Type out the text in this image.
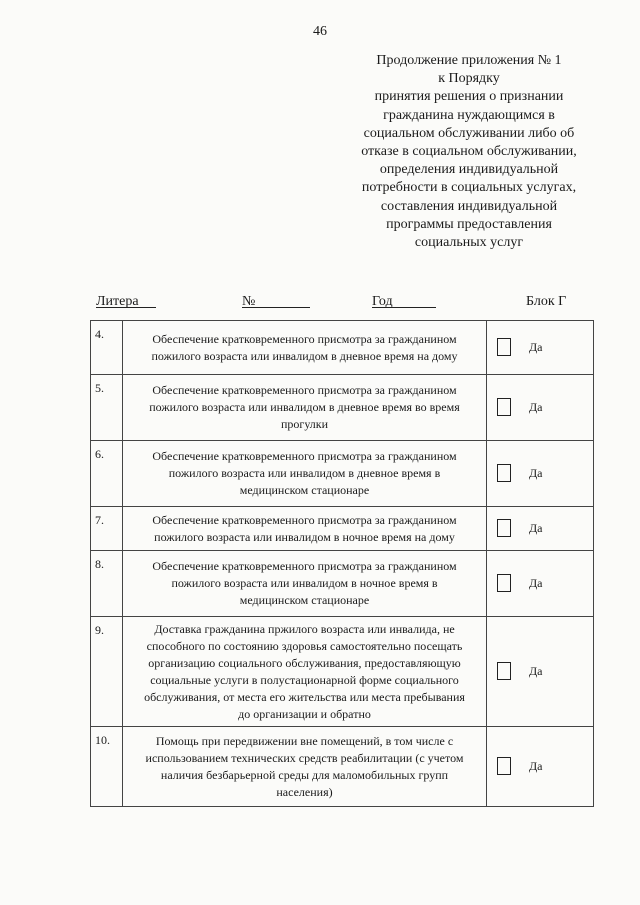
46
Продолжение приложения № 1
к Порядку
принятия решения о признании
гражданина нуждающимся в
социальном обслуживании либо об
отказе в социальном обслуживании,
определения индивидуальной
потребности в социальных услугах,
составления индивидуальной
программы предоставления
социальных услуг
Литера	№	Год	Блок Г
4.	Обеспечение кратковременного присмотра за гражданином
пожилого возраста или инвалидом в дневное время на дому
Да
5.	Обеспечение кратковременного присмотра за гражданином
пожилого возраста или инвалидом в дневное время во время
прогулки
Да
6.	Обеспечение кратковременного присмотра за гражданином
пожилого возраста или инвалидом в дневное время в
медицинском стационаре
Да
7.	Обеспечение кратковременного присмотра за гражданином
пожилого возраста или инвалидом в ночное время на дому
Да
8.	Обеспечение кратковременного присмотра за гражданином
пожилого возраста или инвалидом в ночное время в
медицинском стационаре
Да
9.	Доставка гражданина пржилого возраста или инвалида, не
способного по состоянию здоровья самостоятельно посещать
организацию социального обслуживания, предоставляющую
социальные услуги в полустационарной форме социального
обслуживания, от места его жительства или места пребывания
до организации и обратно
Да
10.	Помощь при передвижении вне помещений, в том числе с
использованием технических средств реабилитации (с учетом
наличия безбарьерной среды для маломобильных групп
населения)
Да
